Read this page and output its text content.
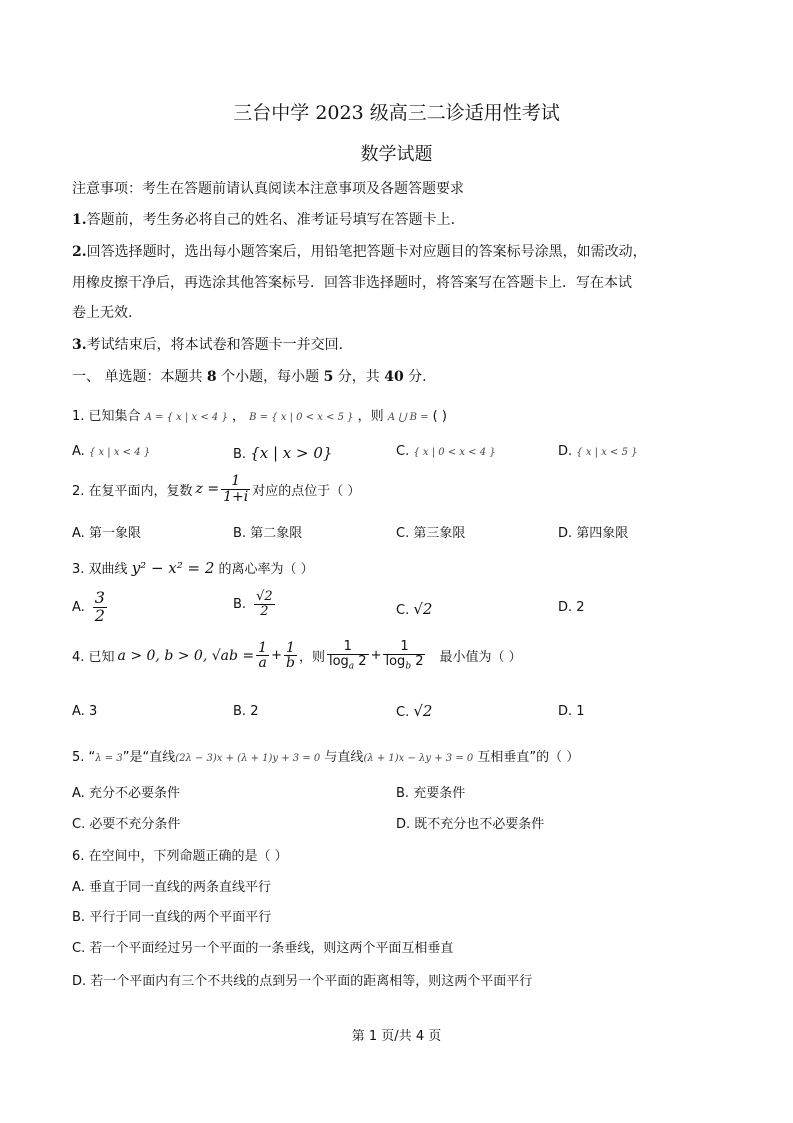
三台中学 2023 级高三二诊适用性考试
数学试题
注意事项：考生在答题前请认真阅读本注意事项及各题答题要求
1.答题前，考生务必将自己的姓名、准考证号填写在答题卡上.
2.回答选择题时，选出每小题答案后，用铅笔把答题卡对应题目的答案标号涂黑，如需改动，
用橡皮擦干净后，再选涂其他答案标号．回答非选择题时，将答案写在答题卡上．写在本试
卷上无效.
3.考试结束后，将本试卷和答题卡一并交回.
一、 单选题：本题共 8 个小题，每小题 5 分，共 40 分.
1. 已知集合 A = { x | x < 4 } ， B = { x | 0 < x < 5 } ，则 A ⋃ B = ( )
A. { x | x < 4 }	B. {x | x > 0}	C. { x | 0 < x < 4 }	D. { x | x < 5 }
2. 在复平面内，复数 $z = \frac{1}{1+i}$ 对应的点位于（ ）
A. 第一象限	B. 第二象限	C. 第三象限	D. 第四象限
3. 双曲线 y² − x² = 2 的离心率为（ ）
A. $\frac{3}{2}$	B. $\frac{√2}{2}$	C. √2	D. 2
4. 已知 a > 0, b > 0, $√ab = \frac{1}{a} + \frac{1}{b}$ ，则 $\frac{1}{\log_a 2} + \frac{1}{\log_b 2}$ 最小值为（ ）
A. 3	B. 2	C. √2	D. 1
5. “λ = 3”是“直线(2λ − 3)x + (λ + 1)y + 3 = 0 与直线(λ + 1)x − λy + 3 = 0 互相垂直”的（ ）
A. 充分不必要条件	B. 充要条件
C. 必要不充分条件	D. 既不充分也不必要条件
6. 在空间中，下列命题正确的是（ ）
A. 垂直于同一直线的两条直线平行
B. 平行于同一直线的两个平面平行
C. 若一个平面经过另一个平面的一条垂线，则这两个平面互相垂直
D. 若一个平面内有三个不共线的点到另一个平面的距离相等，则这两个平面平行
第 1 页/共 4 页
